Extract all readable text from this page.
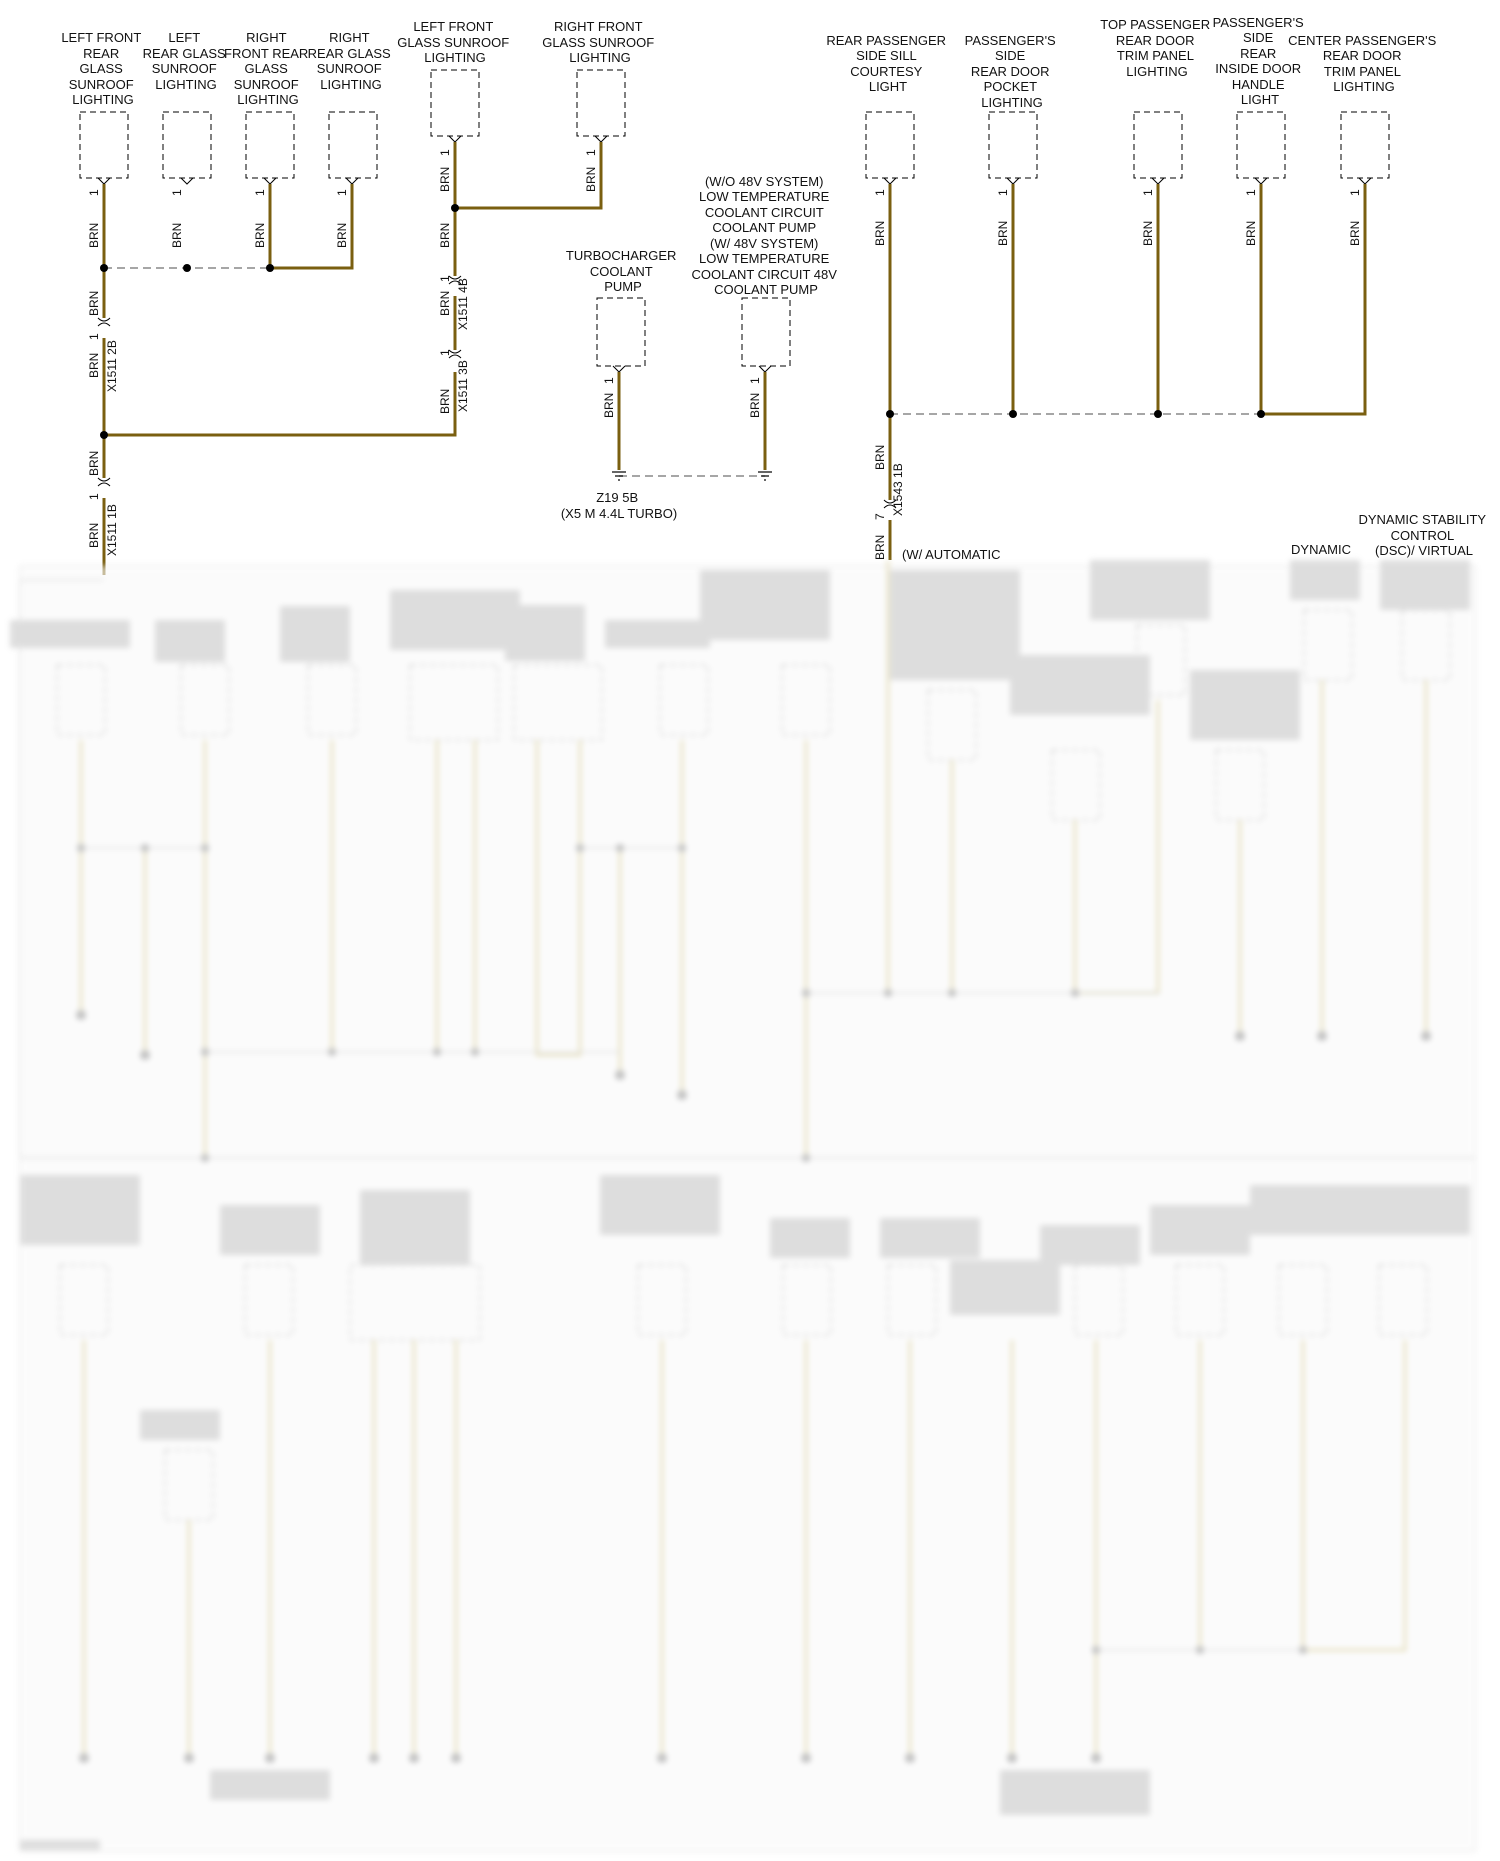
LEFT FRONT REAR GLASS SUNROOF LIGHTING
LEFT REAR GLASS SUNROOF LIGHTING
RIGHT FRONT REAR GLASS SUNROOF LIGHTING
RIGHT REAR GLASS SUNROOF LIGHTING
LEFT FRONT GLASS SUNROOF LIGHTING
RIGHT FRONT GLASS SUNROOF LIGHTING
TURBOCHARGER COOLANT PUMP
(W/O 48V SYSTEM) LOW TEMPERATURE COOLANT CIRCUIT COOLANT PUMP (W/ 48V SYSTEM) LOW TEMPERATURE COOLANT CIRCUIT 48V COOLANT PUMP
REAR PASSENGER SIDE SILL COURTESY LIGHT
PASSENGER'S SIDE REAR DOOR POCKET LIGHTING
TOP PASSENGER REAR DOOR TRIM PANEL LIGHTING
PASSENGER'S SIDE REAR INSIDE DOOR HANDLE LIGHT
CENTER PASSENGER'S REAR DOOR TRIM PANEL LIGHTING
BRN	BRN	BRN	BRN
BRN
BRN
BRN
BRN
BRN
BRN
BRN
BRN
BRN
BRN	BRN
BRN	BRN	BRN	BRN	BRN
BRN
BRN
1	1	1	1
1	1
1	1
1	1	1	1	1
1
1
1
1
7
X1511 2B
X1511 4B
X1511 3B
X1511 1B
X1543 1B
Z19 5B (X5 M 4.4L TURBO)
(W/ AUTOMATIC	DYNAMIC
DYNAMIC STABILITY CONTROL (DSC)/ VIRTUAL
